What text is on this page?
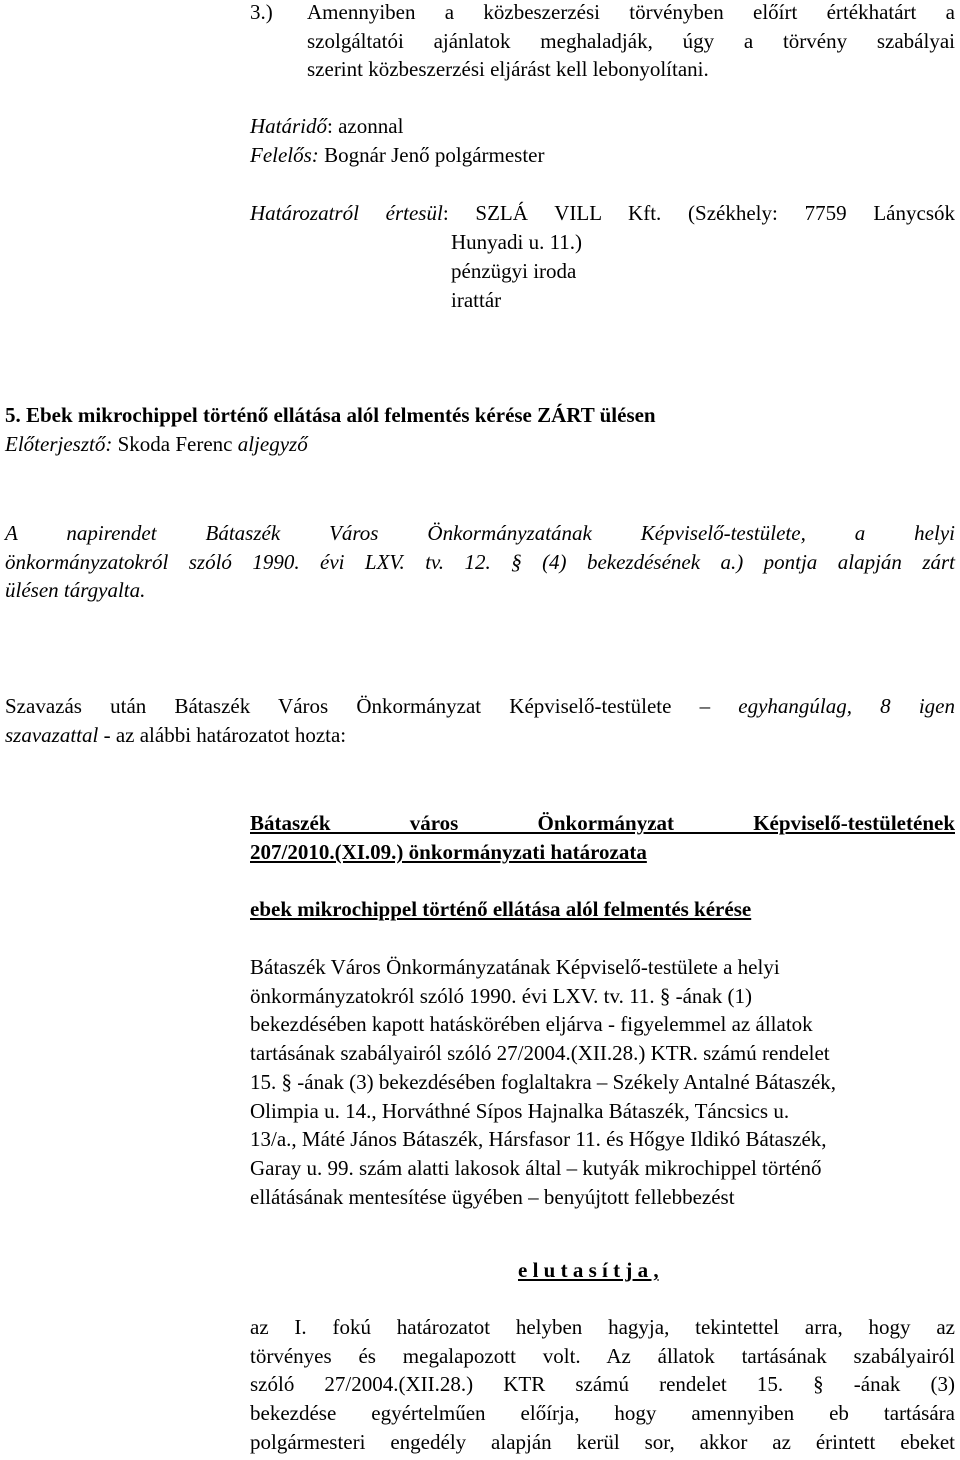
3.) Amennyiben a közbeszerzési törvényben előírt értékhatárt a
szolgáltatói ajánlatok meghaladják, úgy a törvény szabályai
szerint közbeszerzési eljárást kell lebonyolítani.
Határidő: azonnal
Felelős: Bognár Jenő polgármester
Határozatról értesül: SZLÁ VILL Kft. (Székhely: 7759 Lánycsók
Hunyadi u. 11.)
pénzügyi iroda
irattár
5. Ebek mikrochippel történő ellátása alól felmentés kérése ZÁRT ülésen
Előterjesztő: Skoda Ferenc aljegyző
A napirendet Bátaszék Város Önkormányzatának Képviselő-testülete, a helyi
önkormányzatokról szóló 1990. évi LXV. tv. 12. § (4) bekezdésének a.) pontja alapján zárt
ülésen tárgyalta.
Szavazás után Bátaszék Város Önkormányzat Képviselő-testülete – egyhangúlag, 8 igen
szavazattal - az alábbi határozatot hozta:
Bátaszék város Önkormányzat Képviselő-testületének
207/2010.(XI.09.) önkormányzati határozata
ebek mikrochippel történő ellátása alól felmentés kérése
Bátaszék Város Önkormányzatának Képviselő-testülete a helyi
önkormányzatokról szóló 1990. évi LXV. tv. 11. § -ának (1)
bekezdésében kapott hatáskörében eljárva - figyelemmel az állatok
tartásának szabályairól szóló 27/2004.(XII.28.) KTR. számú rendelet
15. § -ának (3) bekezdésében foglaltakra – Székely Antalné Bátaszék,
Olimpia u. 14., Horváthné Sípos Hajnalka Bátaszék, Táncsics u.
13/a., Máté János Bátaszék, Hársfasor 11. és Hőgye Ildikó Bátaszék,
Garay u. 99. szám alatti lakosok által – kutyák mikrochippel történő
ellátásának mentesítése ügyében – benyújtott fellebbezést
e l u t a s í t j a ,
az I. fokú határozatot helyben hagyja, tekintettel arra, hogy az
törvényes és megalapozott volt. Az állatok tartásának szabályairól
szóló 27/2004.(XII.28.) KTR számú rendelet 15. § -ának (3)
bekezdése egyértelműen előírja, hogy amennyiben eb tartására
polgármesteri engedély alapján kerül sor, akkor az érintett ebeket
